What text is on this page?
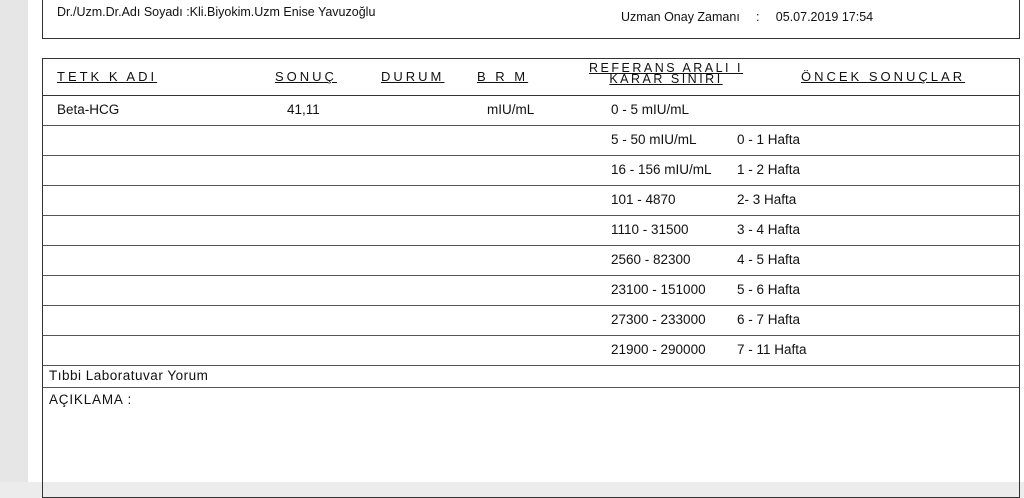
Dr./Uzm.Dr.Adı Soyadı :Kli.Biyokim.Uzm Enise Yavuzoğlu	Uzman Onay Zamanı : 05.07.2019 17:54
TETK K ADI	SONUÇ	DURUM	B R M
REFERANS ARALI I
KARAR SINIRI	ÖNCEK SONUÇLAR
Beta-HCG	41,11	mIU/mL	0 - 5 mIU/mL
5 - 50 mIU/mL	0 - 1 Hafta
16 - 156 mIU/mL 1 - 2 Hafta
101 - 4870	2- 3 Hafta
1110 - 31500	3 - 4 Hafta
2560 - 82300	4 - 5 Hafta
23100 - 151000 5 - 6 Hafta
27300 - 233000 6 - 7 Hafta
21900 - 290000 7 - 11 Hafta
Tıbbi Laboratuvar Yorum
AÇIKLAMA :
